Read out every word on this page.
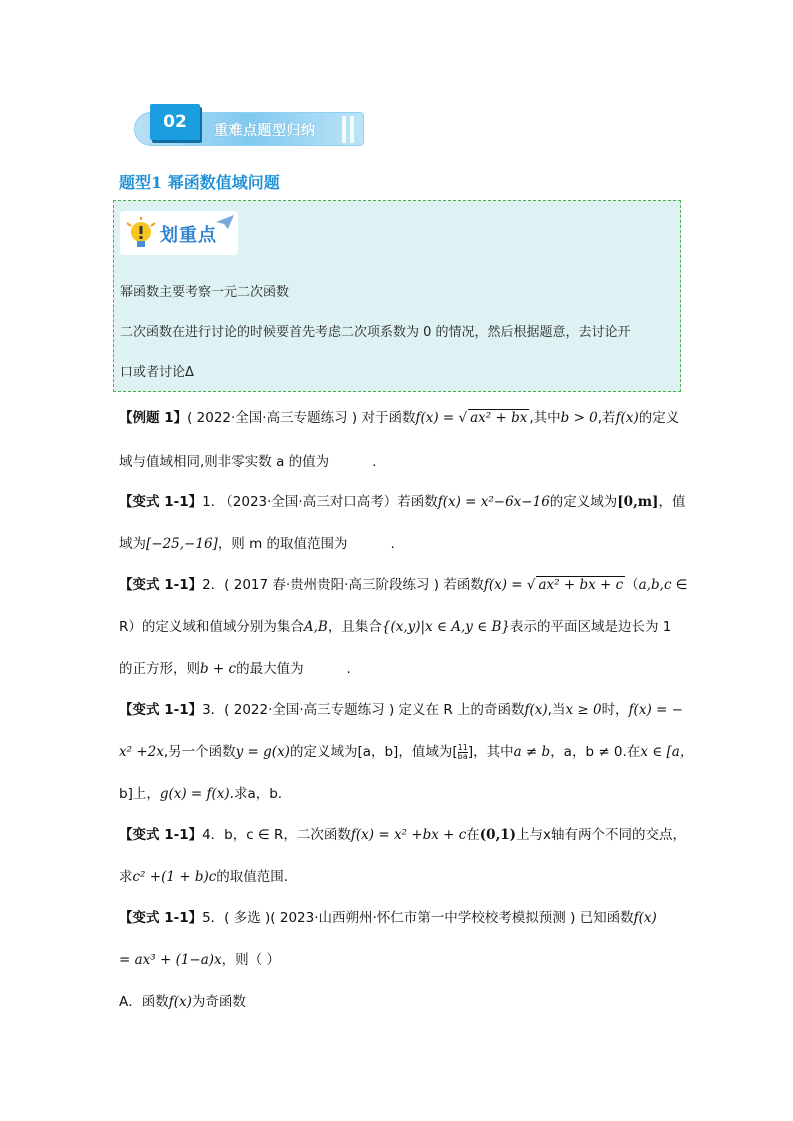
02	重难点题型归纳
题型1 幂函数值域问题
划重点
幂函数主要考察一元二次函数
二次函数在进行讨论的时候要首先考虑二次项系数为 0 的情况，然后根据题意，去讨论开
口或者讨论Δ
【例题 1】( 2022·全国·高三专题练习 ) 对于函数f(x) = √ ax² + bx ,其中b > 0,若f(x)的定义
域与值域相同,则非零实数 a 的值为          .
【变式 1-1】1. （2023·全国·高三对口高考）若函数f(x) = x²−6x−16的定义域为[0,m]，值
域为[−25,−16]，则 m 的取值范围为          .
【变式 1-1】2．( 2017 春·贵州贵阳·高三阶段练习 ) 若函数f(x) = √ ax² + bx + c （a,b,c ∈
R）的定义域和值域分别为集合A,B，且集合{(x,y)|x ∈ A,y ∈ B}表示的平面区域是边长为 1
的正方形，则b + c的最大值为          .
【变式 1-1】3．( 2022·全国·高三专题练习 ) 定义在 R 上的奇函数f(x),当x ≥ 0时，f(x) = −
x² +2x,另一个函数y = g(x)的定义域为[a，b]，值域为[ $\frac{1}{b} \frac{1}{a}$ ]，其中a ≠ b，a，b ≠ 0.在x ∈ [a，
b]上，g(x) = f(x).求a，b.
【变式 1-1】4．b，c ∈ R，二次函数f(x) = x² +bx + c在(0,1)上与x轴有两个不同的交点，
求c² +(1 + b)c的取值范围.
【变式 1-1】5．( 多选 )( 2023·山西朔州·怀仁市第一中学校校考模拟预测 ) 已知函数f(x)
= ax³ + (1−a)x，则（ ）
A．函数f(x)为奇函数
